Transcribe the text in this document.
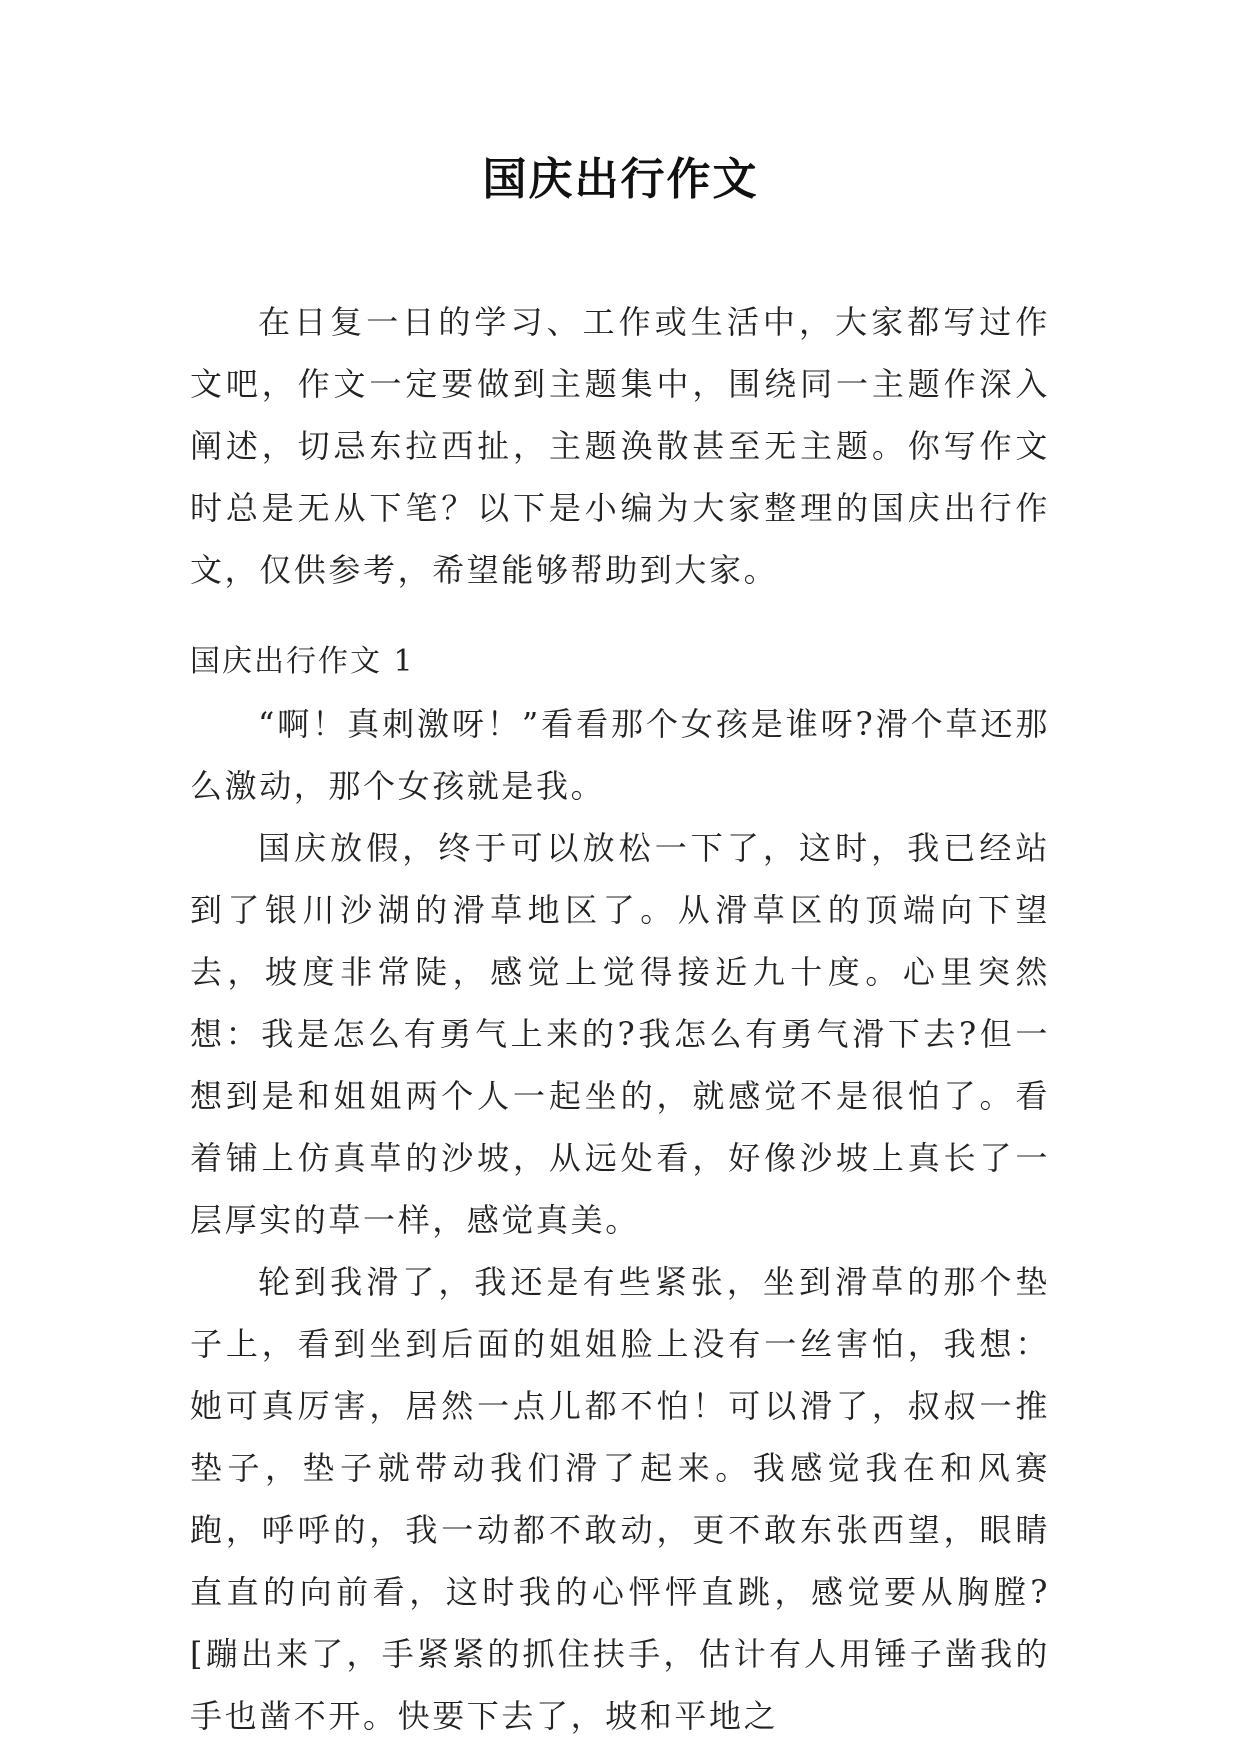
国庆出行作文

在日复一日的学习、工作或生活中，大家都写过作文吧，作文一定要做到主题集中，围绕同一主题作深入阐述，切忌东拉西扯，主题涣散甚至无主题。你写作文时总是无从下笔？以下是小编为大家整理的国庆出行作文，仅供参考，希望能够帮助到大家。

国庆出行作文 1

“啊！真刺激呀！”看看那个女孩是谁呀?滑个草还那么激动，那个女孩就是我。

国庆放假，终于可以放松一下了，这时，我已经站到了银川沙湖的滑草地区了。从滑草区的顶端向下望去，坡度非常陡，感觉上觉得接近九十度。心里突然想：我是怎么有勇气上来的?我怎么有勇气滑下去?但一想到是和姐姐两个人一起坐的，就感觉不是很怕了。看着铺上仿真草的沙坡，从远处看，好像沙坡上真长了一层厚实的草一样，感觉真美。

轮到我滑了，我还是有些紧张，坐到滑草的那个垫子上，看到坐到后面的姐姐脸上没有一丝害怕，我想：她可真厉害，居然一点儿都不怕！可以滑了，叔叔一推垫子，垫子就带动我们滑了起来。我感觉我在和风赛跑，呼呼的，我一动都不敢动，更不敢东张西望，眼睛直直的向前看，这时我的心怦怦直跳，感觉要从胸膛?[蹦出来了，手紧紧的抓住扶手，估计有人用锤子凿我的手也凿不开。快要下去了，坡和平地之
